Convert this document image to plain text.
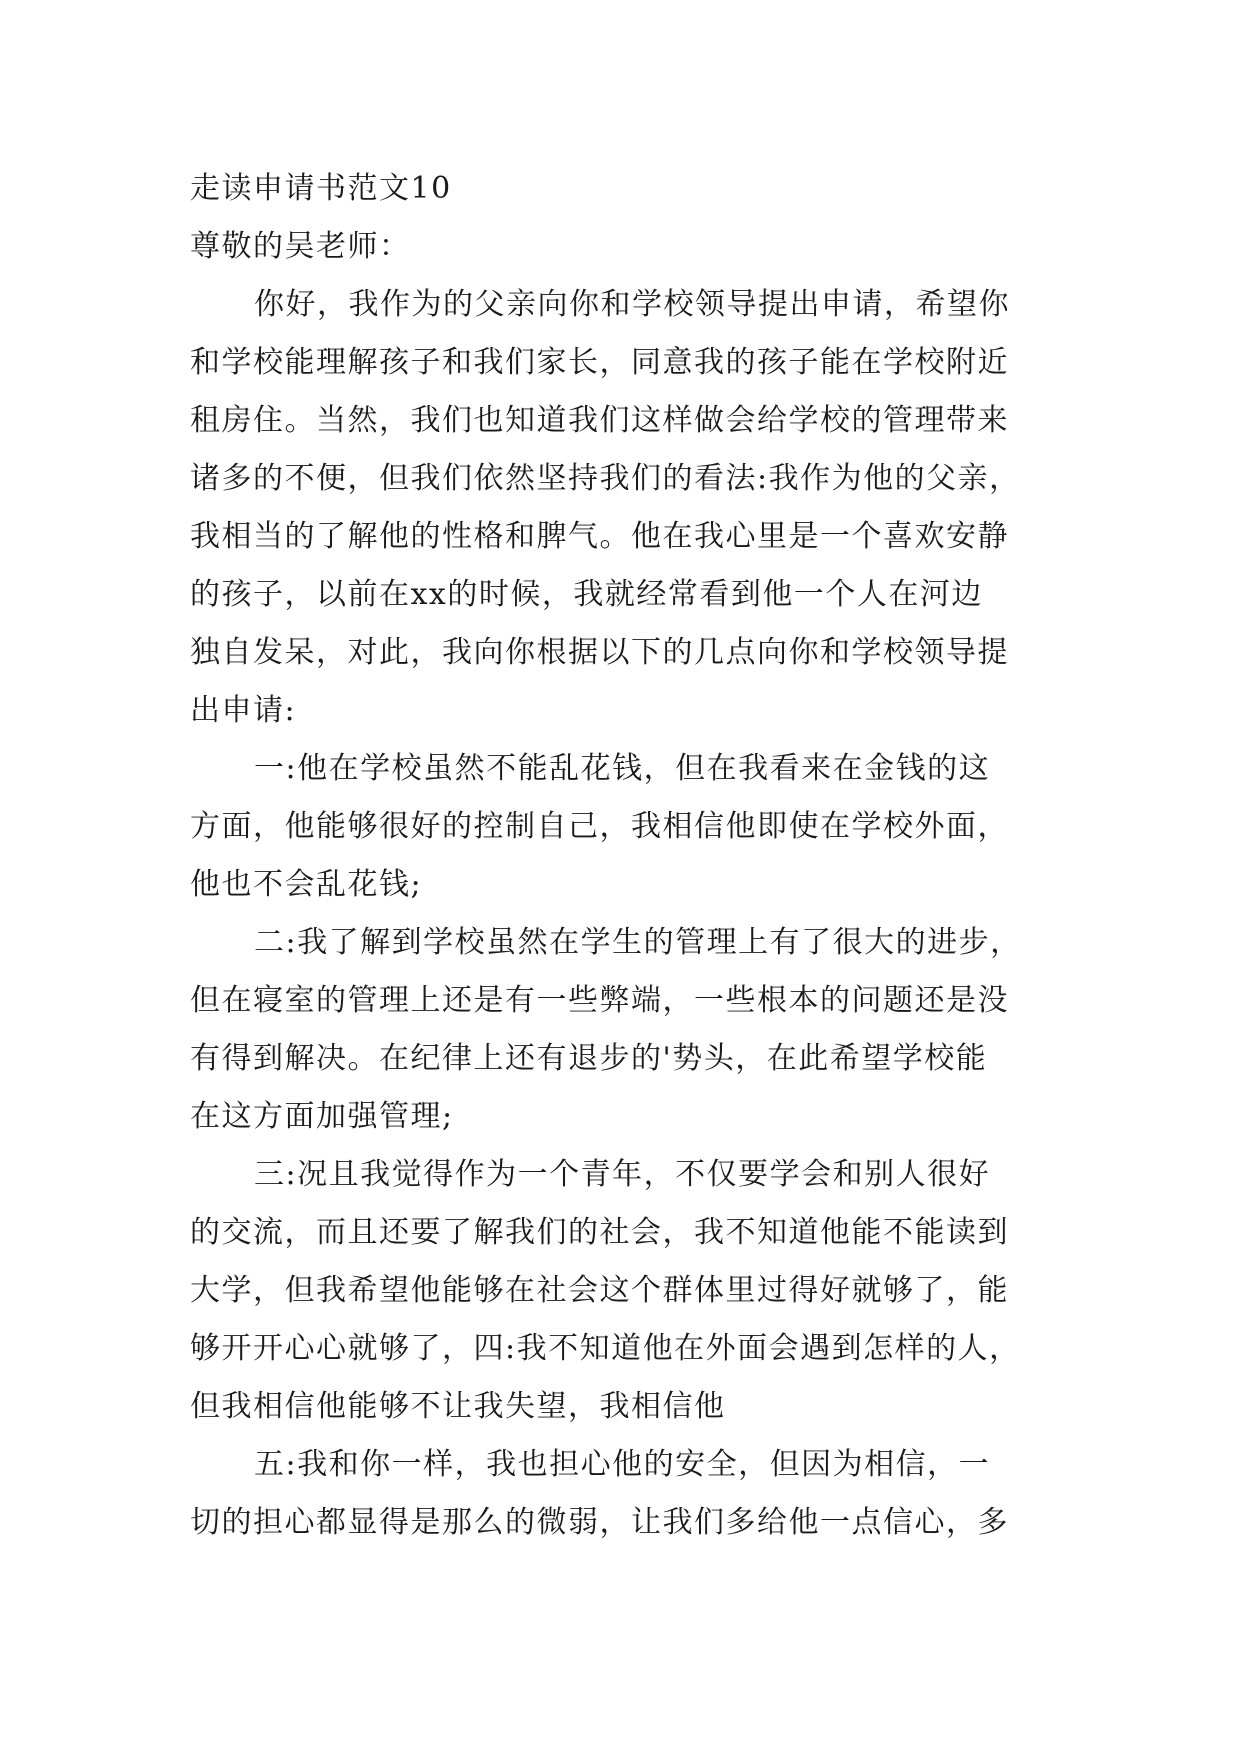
走读申请书范文10

尊敬的吴老师：

你好，我作为的父亲向你和学校领导提出申请，希望你
和学校能理解孩子和我们家长，同意我的孩子能在学校附近
租房住。当然，我们也知道我们这样做会给学校的管理带来
诸多的不便，但我们依然坚持我们的看法:我作为他的父亲，
我相当的了解他的性格和脾气。他在我心里是一个喜欢安静
的孩子，以前在xx的时候，我就经常看到他一个人在河边
独自发呆，对此，我向你根据以下的几点向你和学校领导提
出申请:

一:他在学校虽然不能乱花钱，但在我看来在金钱的这
方面，他能够很好的控制自己，我相信他即使在学校外面，
他也不会乱花钱;

二:我了解到学校虽然在学生的管理上有了很大的进步，
但在寝室的管理上还是有一些弊端，一些根本的问题还是没
有得到解决。在纪律上还有退步的'势头，在此希望学校能
在这方面加强管理;

三:况且我觉得作为一个青年，不仅要学会和别人很好
的交流，而且还要了解我们的社会，我不知道他能不能读到
大学，但我希望他能够在社会这个群体里过得好就够了，能
够开开心心就够了，四:我不知道他在外面会遇到怎样的人，
但我相信他能够不让我失望，我相信他

五:我和你一样，我也担心他的安全，但因为相信，一
切的担心都显得是那么的微弱，让我们多给他一点信心，多
